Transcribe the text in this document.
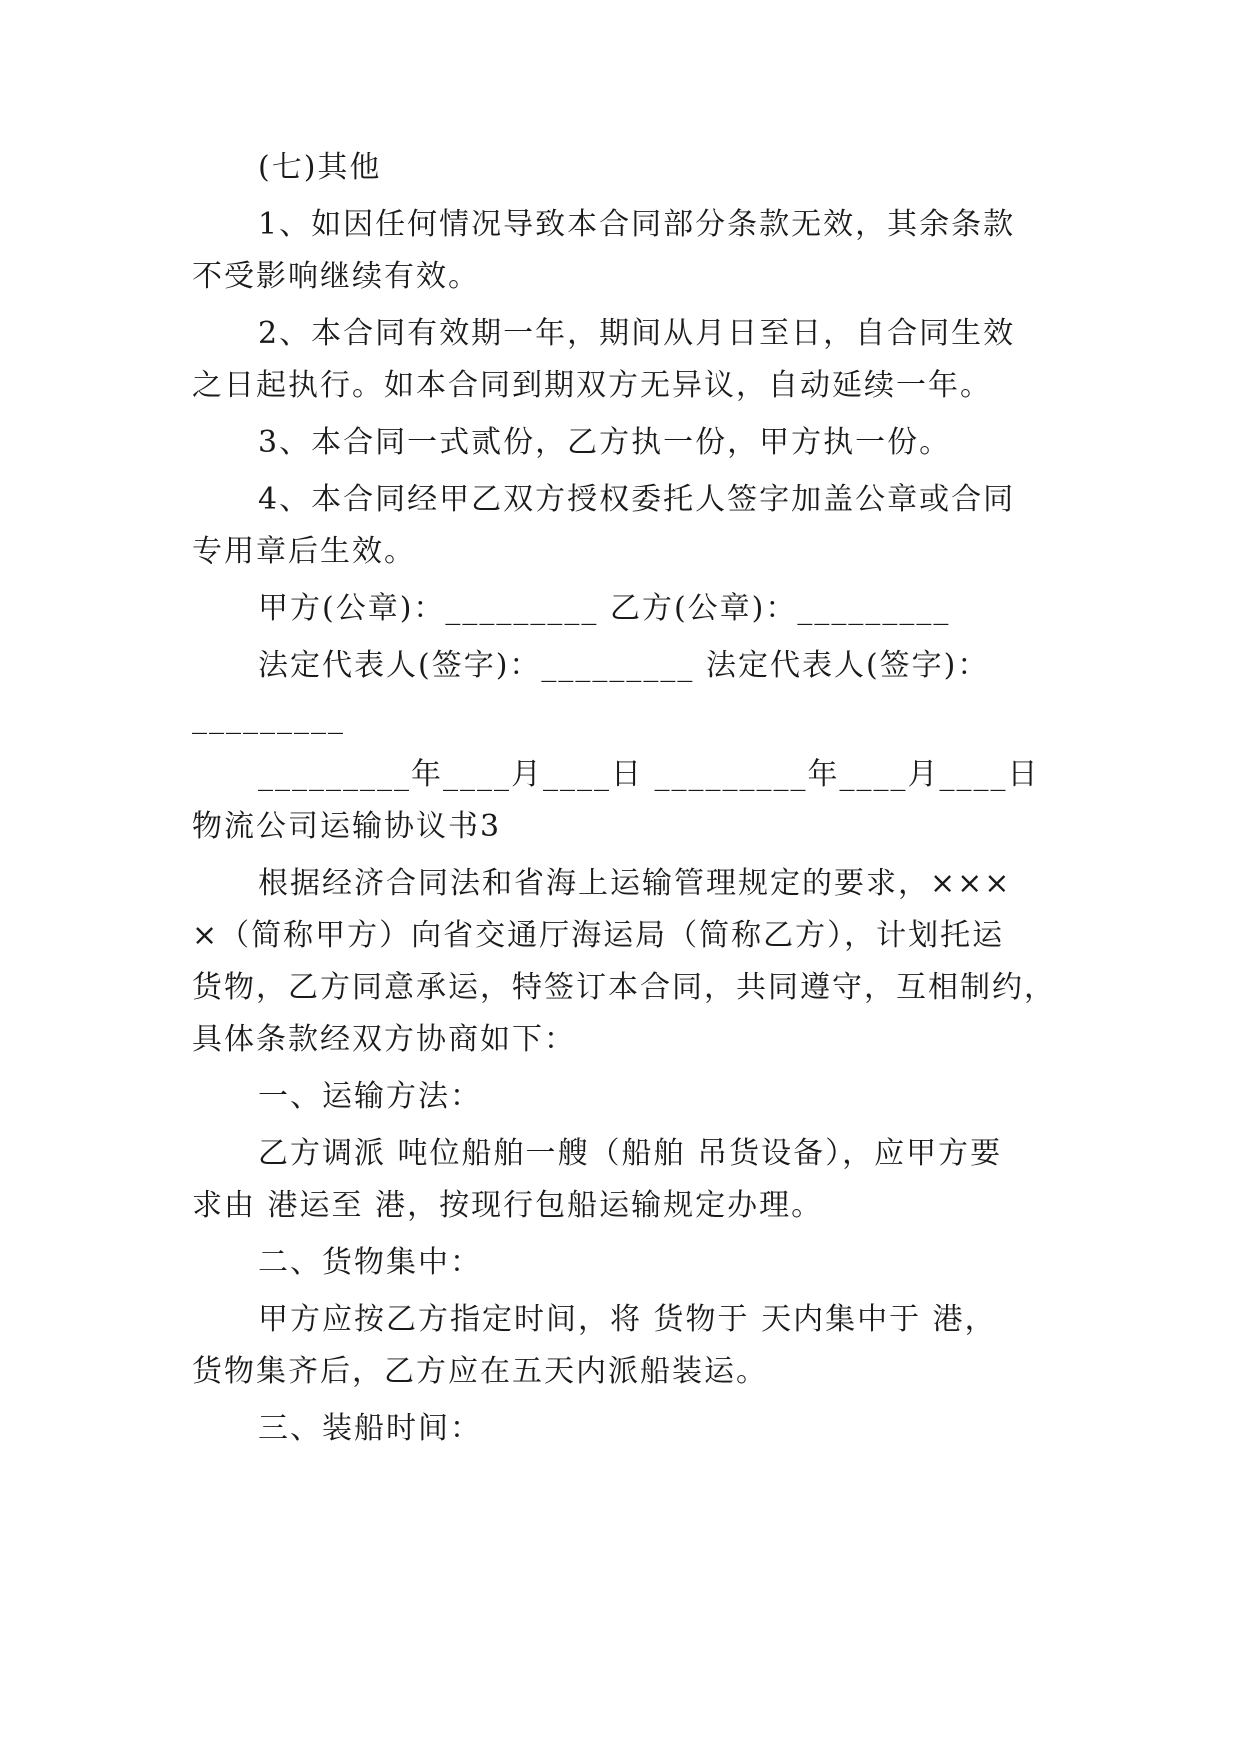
(七)其他
1、如因任何情况导致本合同部分条款无效，其余条款
不受影响继续有效。
2、本合同有效期一年，期间从月日至日，自合同生效
之日起执行。如本合同到期双方无异议，自动延续一年。
3、本合同一式贰份，乙方执一份，甲方执一份。
4、本合同经甲乙双方授权委托人签字加盖公章或合同
专用章后生效。
甲方(公章)：_________ 乙方(公章)：_________
法定代表人(签字)：_________ 法定代表人(签字)：
_________
_________年____月____日 _________年____月____日
物流公司运输协议书3
根据经济合同法和省海上运输管理规定的要求，×××
×（简称甲方）向省交通厅海运局（简称乙方），计划托运
货物，乙方同意承运，特签订本合同，共同遵守，互相制约，
具体条款经双方协商如下：
一、运输方法：
乙方调派 吨位船舶一艘（船舶 吊货设备），应甲方要
求由 港运至 港，按现行包船运输规定办理。
二、货物集中：
甲方应按乙方指定时间，将 货物于 天内集中于 港，
货物集齐后，乙方应在五天内派船装运。
三、装船时间：
